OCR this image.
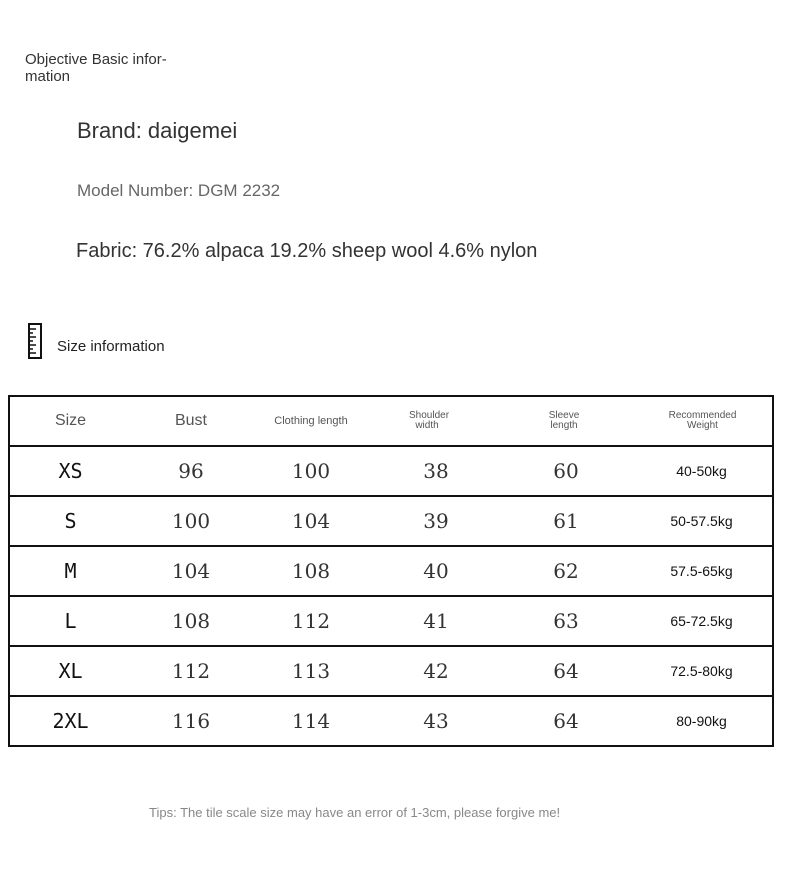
Objective Basic infor- mation
Brand: daigemei
Model Number: DGM 2232
Fabric: 76.2% alpaca 19.2% sheep wool 4.6% nylon
Size information
Size	Bust	Clothing length	Shoulder width	Sleeve length	Recommended Weight
XS	96	100	38	60	40-50kg
S	100	104	39	61	50-57.5kg
M	104	108	40	62	57.5-65kg
L	108	112	41	63	65-72.5kg
XL	112	113	42	64	72.5-80kg
2XL	116	114	43	64	80-90kg
Tips: The tile scale size may have an error of 1-3cm, please forgive me!
